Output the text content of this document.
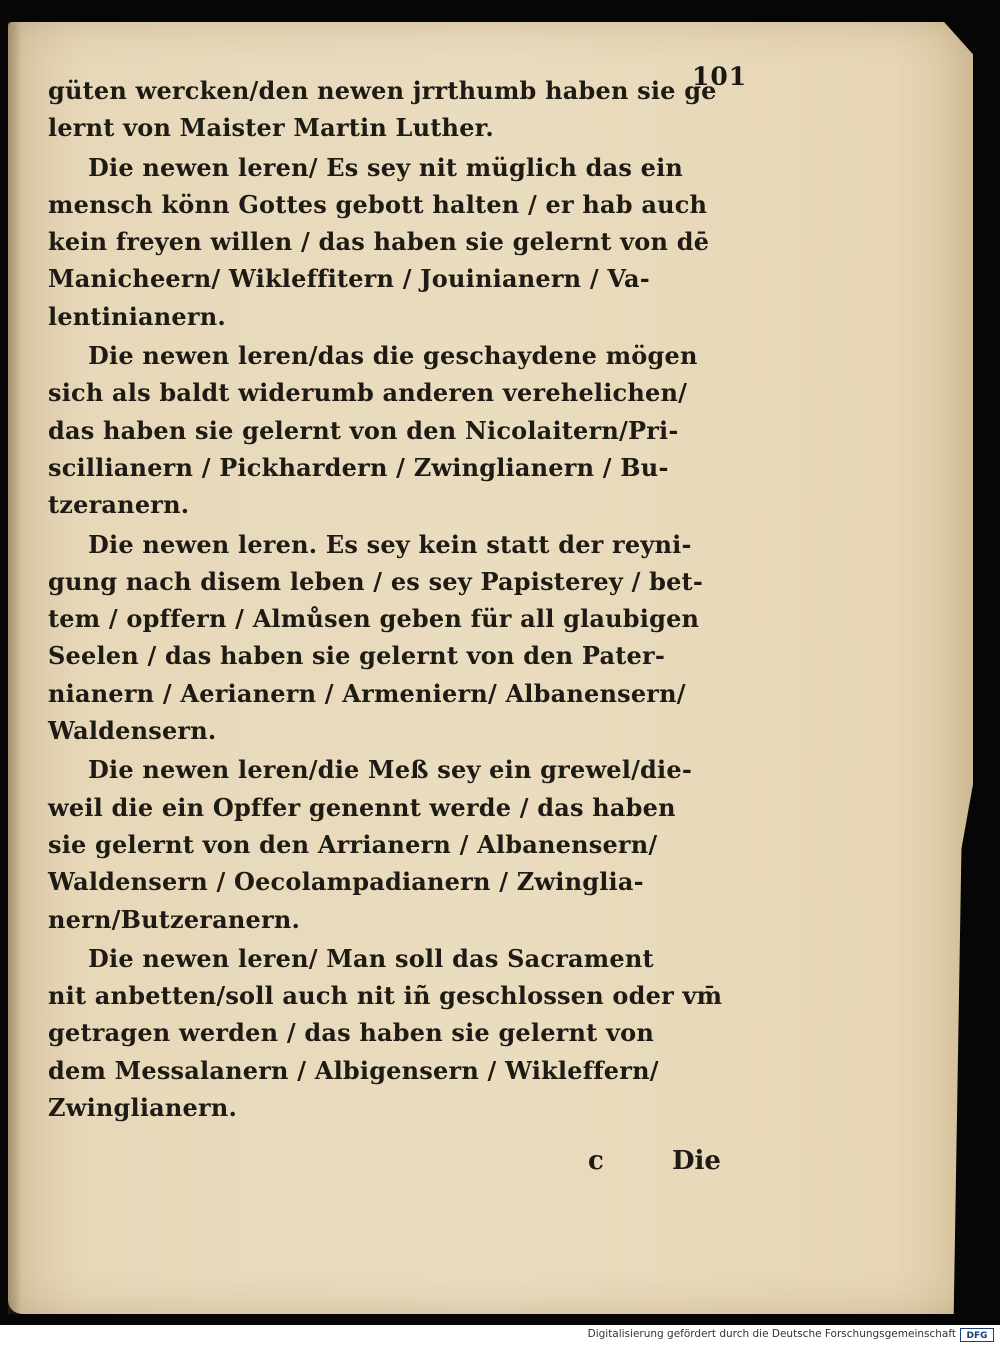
101
güten wercken/den newen jrrthumb haben sie ge
lernt von Maister Martin Luther.
Die newen leren/ Es sey nit müglich das ein
mensch könn Gottes gebott halten / er hab auch
kein freyen willen / das haben sie gelernt von dē
Manicheern/ Wikleffitern / Jouinianern / Va-
lentinianern.
Die newen leren/das die geschaydene mögen
sich als baldt widerumb anderen verehelichen/
das haben sie gelernt von den Nicolaitern/Pri-
scillianern / Pickhardern / Zwinglianern / Bu-
tzeranern.
Die newen leren. Es sey kein statt der reyni-
gung nach disem leben / es sey Papisterey / bet-
tem / opffern / Almůsen geben für all glaubigen
Seelen / das haben sie gelernt von den Pater-
nianern / Aerianern / Armeniern/ Albanensern/
Waldensern.
Die newen leren/die Meß sey ein grewel/die-
weil die ein Opffer genennt werde / das haben
sie gelernt von den Arrianern / Albanensern/
Waldensern / Oecolampadianern / Zwinglia-
nern/Butzeranern.
Die newen leren/ Man soll das Sacrament
nit anbetten/soll auch nit iñ geschlossen oder vm̄
getragen werden / das haben sie gelernt von
dem Messalanern / Albigensern / Wikleffern/
Zwinglianern.
c	Die
Digitalisierung gefördert durch die Deutsche Forschungsgemeinschaft	DFG
